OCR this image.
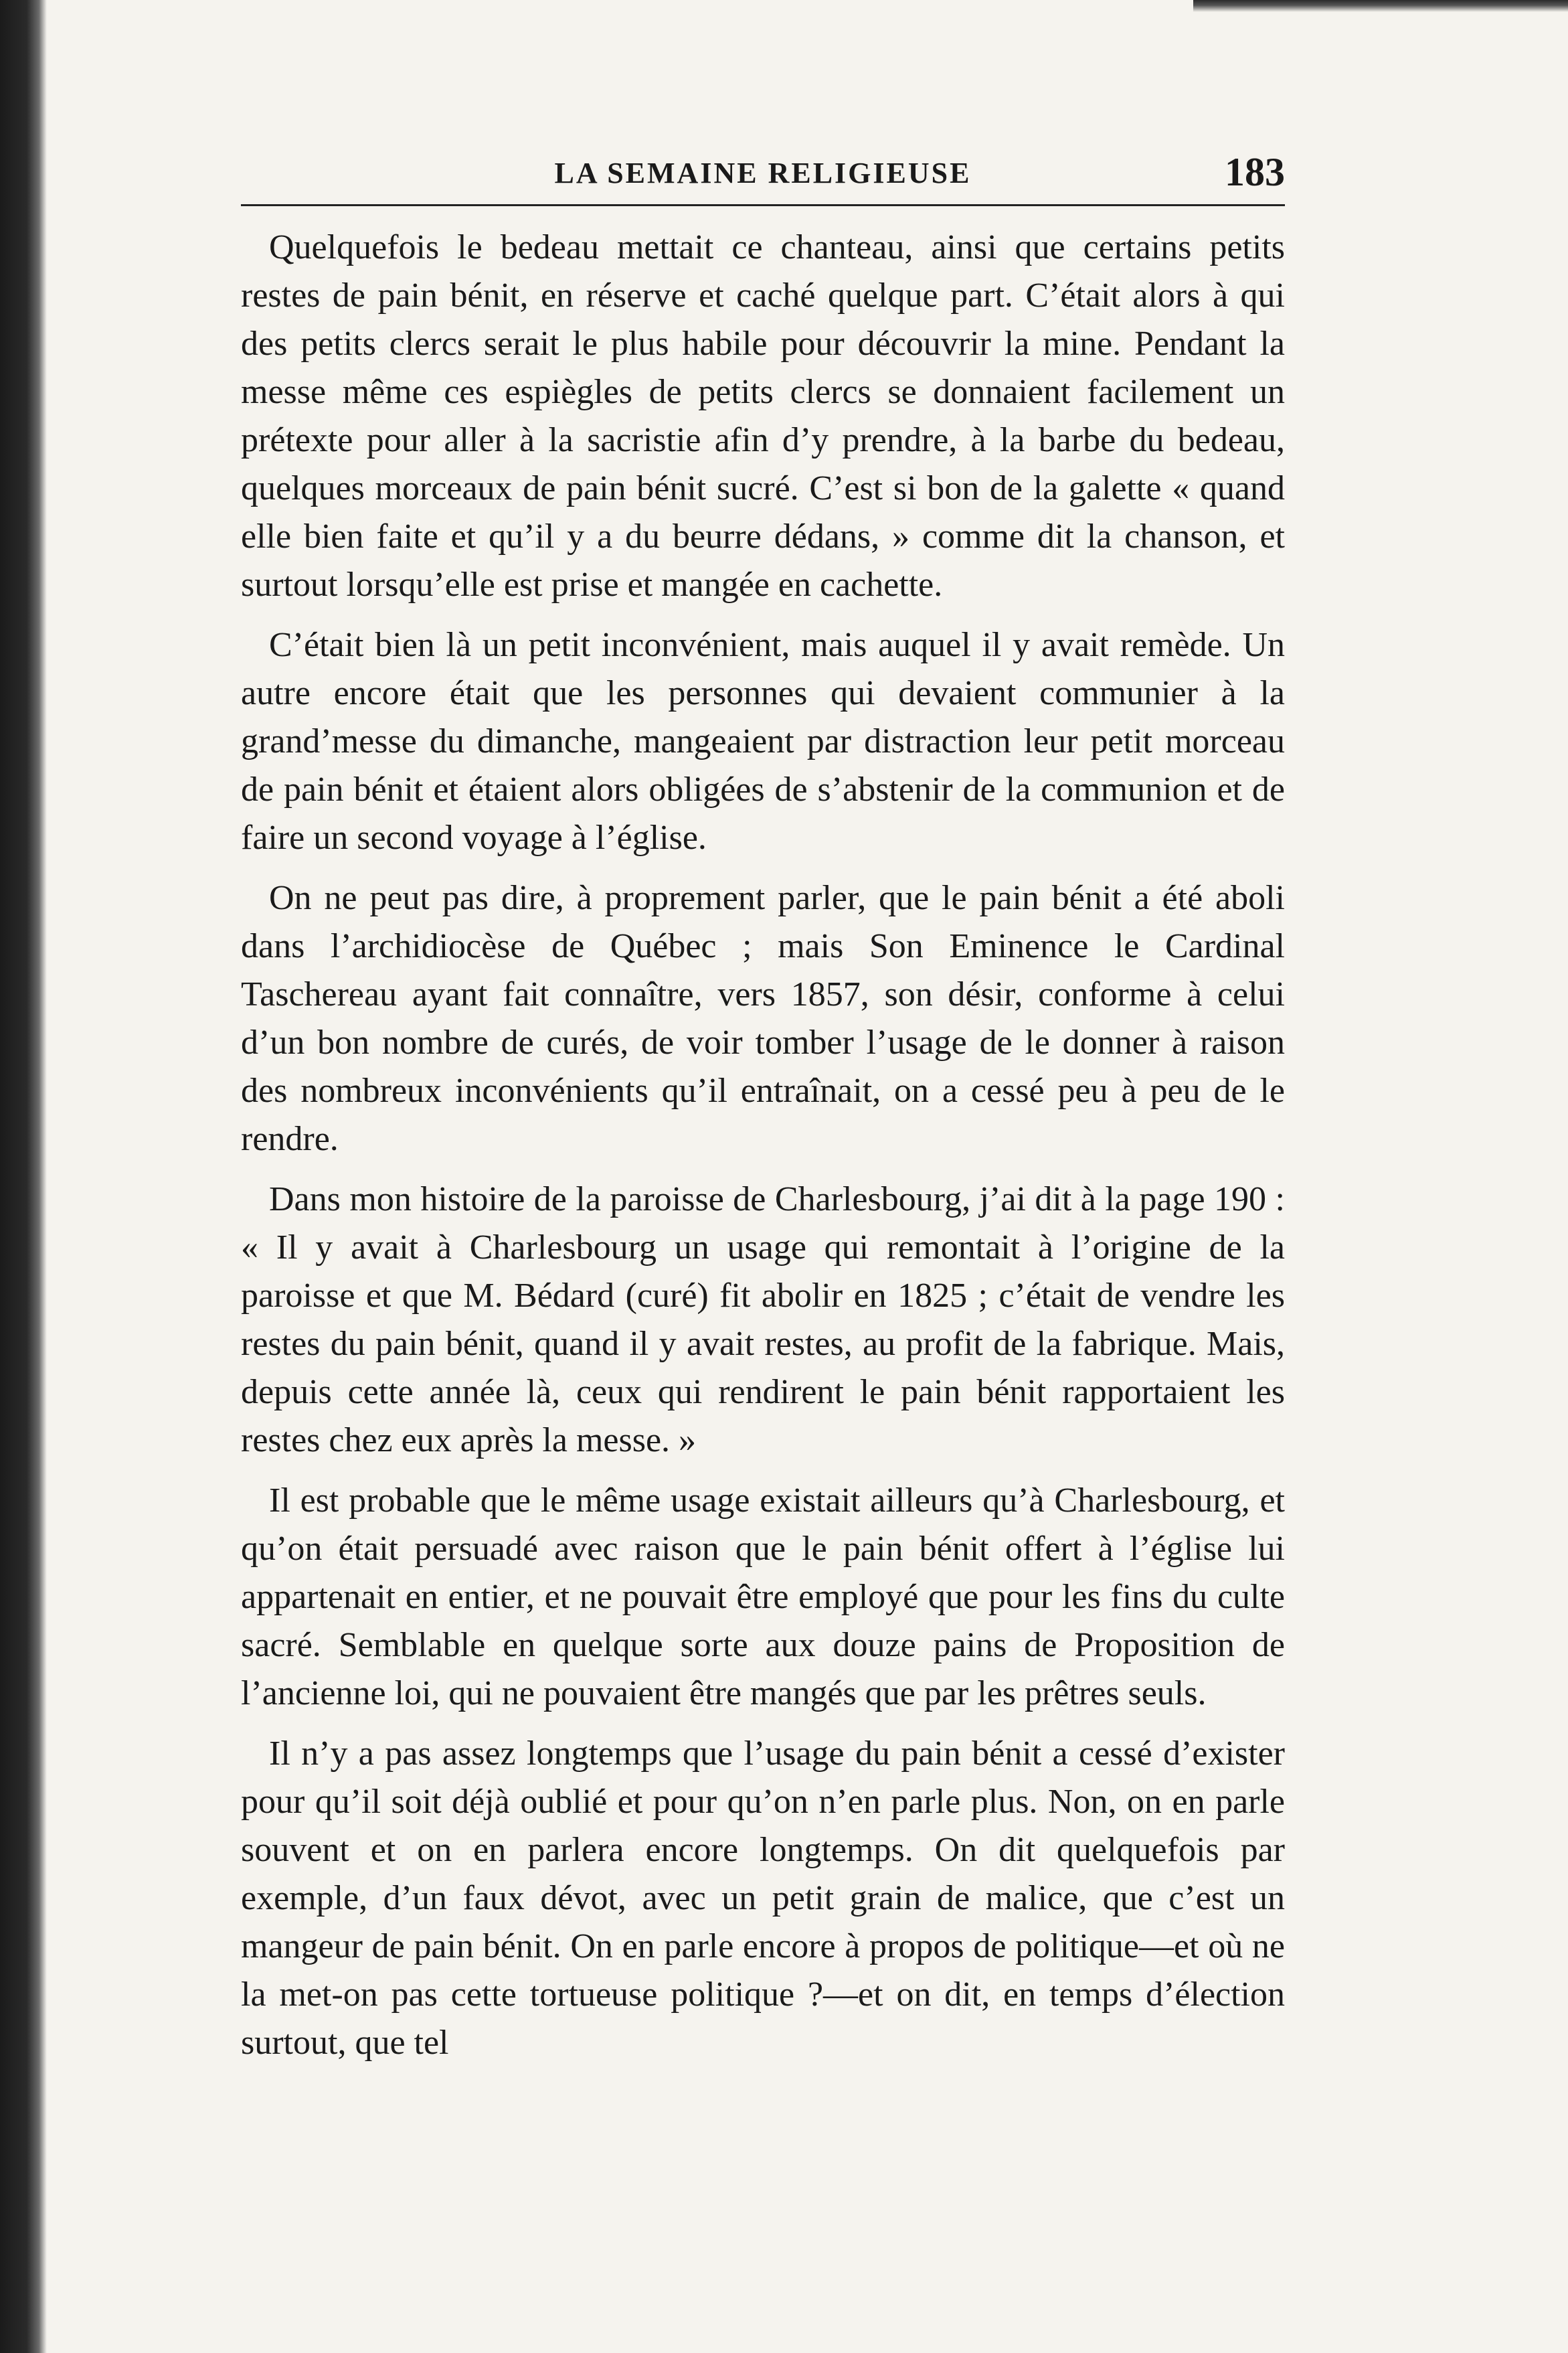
LA SEMAINE RELIGIEUSE	183

Quelquefois le bedeau mettait ce chanteau, ainsi que certains petits restes de pain bénit, en réserve et caché quelque part. C’était alors à qui des petits clercs serait le plus habile pour découvrir la mine. Pendant la messe même ces espiègles de petits clercs se donnaient facilement un prétexte pour aller à la sacristie afin d’y prendre, à la barbe du bedeau, quelques morceaux de pain bénit sucré. C’est si bon de la galette « quand elle bien faite et qu’il y a du beurre dédans, » comme dit la chanson, et surtout lorsqu’elle est prise et mangée en cachette.

C’était bien là un petit inconvénient, mais auquel il y avait remède. Un autre encore était que les personnes qui devaient communier à la grand’messe du dimanche, mangeaient par distraction leur petit morceau de pain bénit et étaient alors obligées de s’abstenir de la communion et de faire un second voyage à l’église.

On ne peut pas dire, à proprement parler, que le pain bénit a été aboli dans l’archidiocèse de Québec ; mais Son Eminence le Cardinal Taschereau ayant fait connaître, vers 1857, son désir, conforme à celui d’un bon nombre de curés, de voir tomber l’usage de le donner à raison des nombreux inconvénients qu’il entraînait, on a cessé peu à peu de le rendre.

Dans mon histoire de la paroisse de Charlesbourg, j’ai dit à la page 190 : « Il y avait à Charlesbourg un usage qui remontait à l’origine de la paroisse et que M. Bédard (curé) fit abolir en 1825 ; c’était de vendre les restes du pain bénit, quand il y avait restes, au profit de la fabrique. Mais, depuis cette année là, ceux qui rendirent le pain bénit rapportaient les restes chez eux après la messe. »

Il est probable que le même usage existait ailleurs qu’à Charlesbourg, et qu’on était persuadé avec raison que le pain bénit offert à l’église lui appartenait en entier, et ne pouvait être employé que pour les fins du culte sacré. Semblable en quelque sorte aux douze pains de Proposition de l’ancienne loi, qui ne pouvaient être mangés que par les prêtres seuls.

Il n’y a pas assez longtemps que l’usage du pain bénit a cessé d’exister pour qu’il soit déjà oublié et pour qu’on n’en parle plus. Non, on en parle souvent et on en parlera encore longtemps. On dit quelquefois par exemple, d’un faux dévot, avec un petit grain de malice, que c’est un mangeur de pain bénit. On en parle encore à propos de politique—et où ne la met-on pas cette tortueuse politique ?—et on dit, en temps d’élection surtout, que tel
